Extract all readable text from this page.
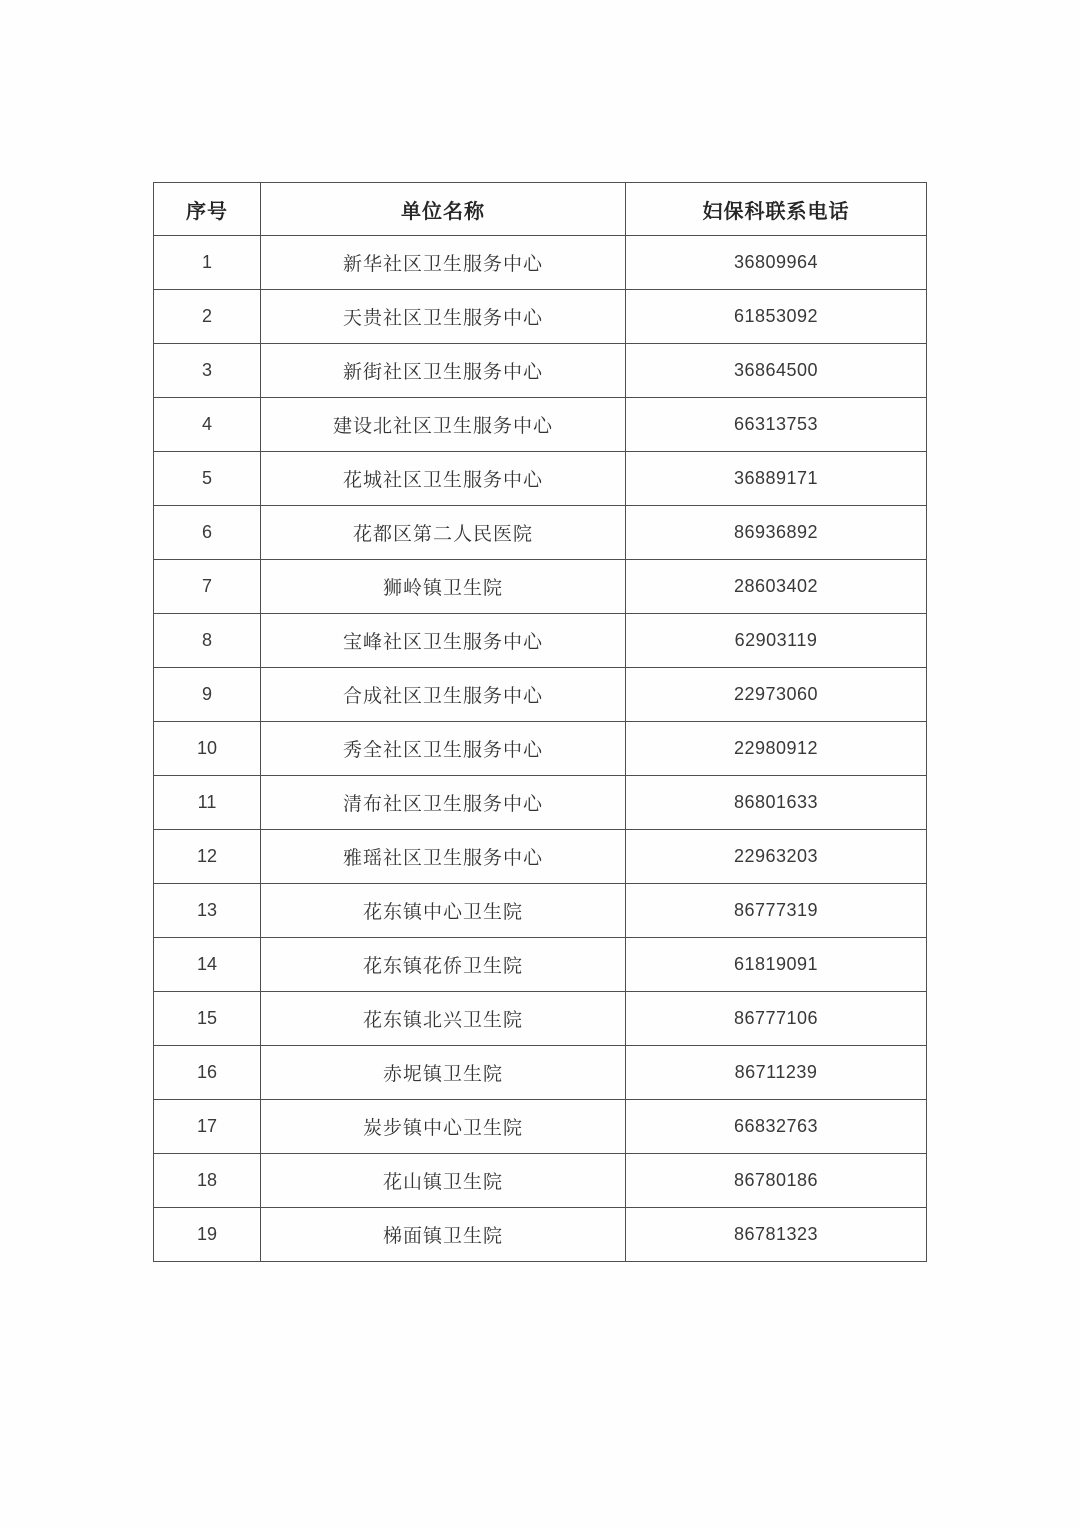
序号	单位名称	妇保科联系电话
1	新华社区卫生服务中心	36809964
2	天贵社区卫生服务中心	61853092
3	新街社区卫生服务中心	36864500
4	建设北社区卫生服务中心	66313753
5	花城社区卫生服务中心	36889171
6	花都区第二人民医院	86936892
7	狮岭镇卫生院	28603402
8	宝峰社区卫生服务中心	62903119
9	合成社区卫生服务中心	22973060
10	秀全社区卫生服务中心	22980912
11	清布社区卫生服务中心	86801633
12	雅瑶社区卫生服务中心	22963203
13	花东镇中心卫生院	86777319
14	花东镇花侨卫生院	61819091
15	花东镇北兴卫生院	86777106
16	赤坭镇卫生院	86711239
17	炭步镇中心卫生院	66832763
18	花山镇卫生院	86780186
19	梯面镇卫生院	86781323
